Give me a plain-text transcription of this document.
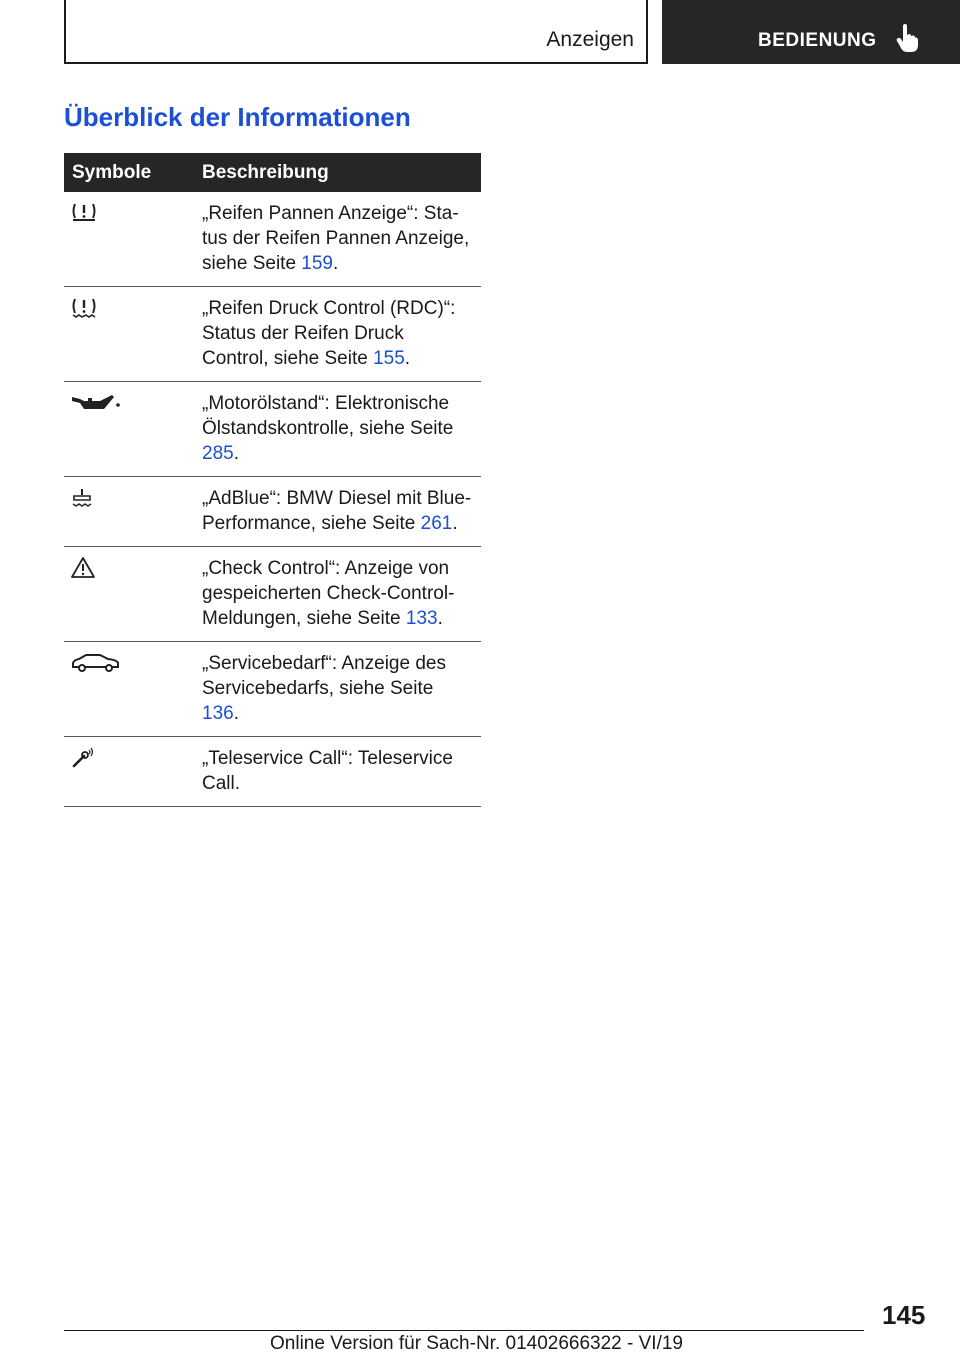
Anzeigen	BEDIENUNG
Überblick der Informationen
Symbole	Beschreibung

	„Reifen Pannen Anzeige“: Sta-
tus der Reifen Pannen Anzeige, siehe Seite 159.

	„Reifen Druck Control (RDC)“:
Status der Reifen Druck Control, siehe Seite 155.

	„Motorölstand“: Elektronische
Ölstandskontrolle, siehe Seite 285.

	„AdBlue“: BMW Diesel mit Blue-
Performance, siehe Seite 261.

	„Check Control“: Anzeige von
gespeicherten Check-Control-Meldungen, siehe Seite 133.

	„Servicebedarf“: Anzeige des
Servicebedarfs, siehe Seite 136.

	„Teleservice Call“: Teleservice
Call.
145
Online Version für Sach-Nr. 01402666322 - VI/19
